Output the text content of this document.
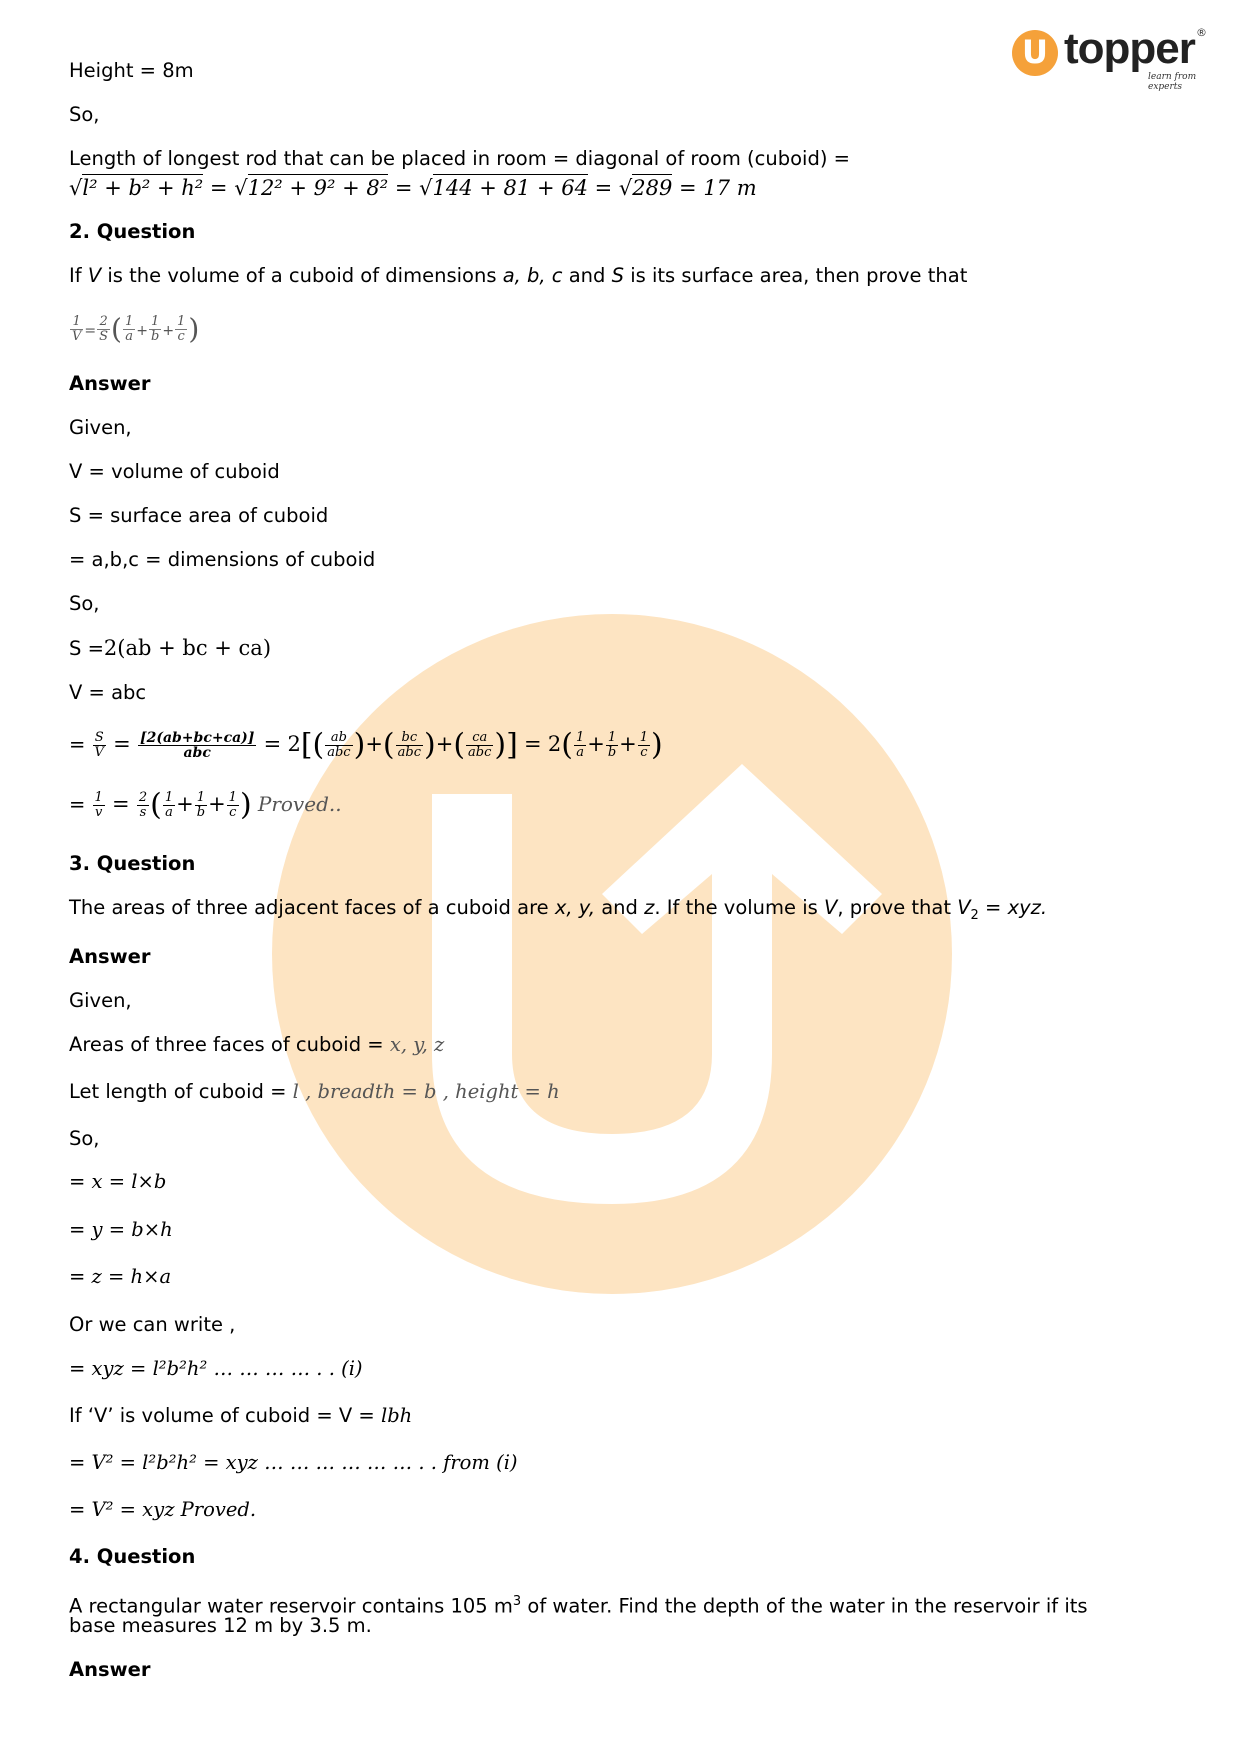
U topper ®
learn from experts
Height = 8m
So,
Length of longest rod that can be placed in room = diagonal of room (cuboid) =
√l² + b² + h² = √12² + 9² + 8² = √144 + 81 + 64 = √289 = 17 m
2. Question
If V is the volume of a cuboid of dimensions a, b, c and S is its surface area, then prove that
$\frac{1}{V} = \frac{2}{S}$ ( $\frac{1}{a} + \frac{1}{b} + \frac{1}{c}$ )
Answer
Given,
V = volume of cuboid
S = surface area of cuboid
= a,b,c = dimensions of cuboid
So,
S =2(ab + bc + ca)
V = abc
= $\frac{S}{V} = \frac{[2(ab+bc+ca)]}{\text{abc}} = 2[( \frac{ab}{\text{abc}}$ )+( $\frac{bc}{\text{abc}}$ )+( $\frac{ca}{\text{abc}}$ )] = $2( \frac{1}{a} + \frac{1}{b} + \frac{1}{c}$ )
= $\frac{1}{v} = \frac{2}{s}$ ( $\frac{1}{a} + \frac{1}{b} + \frac{1}{c}$ ) Proved..
3. Question
The areas of three adjacent faces of a cuboid are x, y, and z. If the volume is V, prove that $V_2$ = xyz.
Answer
Given,
Areas of three faces of cuboid = x, y, z
Let length of cuboid = l , breadth = b , height = h
So,
= x = l×b
= y = b×h
= z = h×a
Or we can write ,
= xyz = l²b²h² … … … … . . (i)
If ‘V’ is volume of cuboid = V = lbh
= V² = l²b²h² = xyz … … … … … … . . from (i)
= V² = xyz Proved.
4. Question
A rectangular water reservoir contains 105 $m^3$ of water. Find the depth of the water in the reservoir if its
base measures 12 m by 3.5 m.
Answer
